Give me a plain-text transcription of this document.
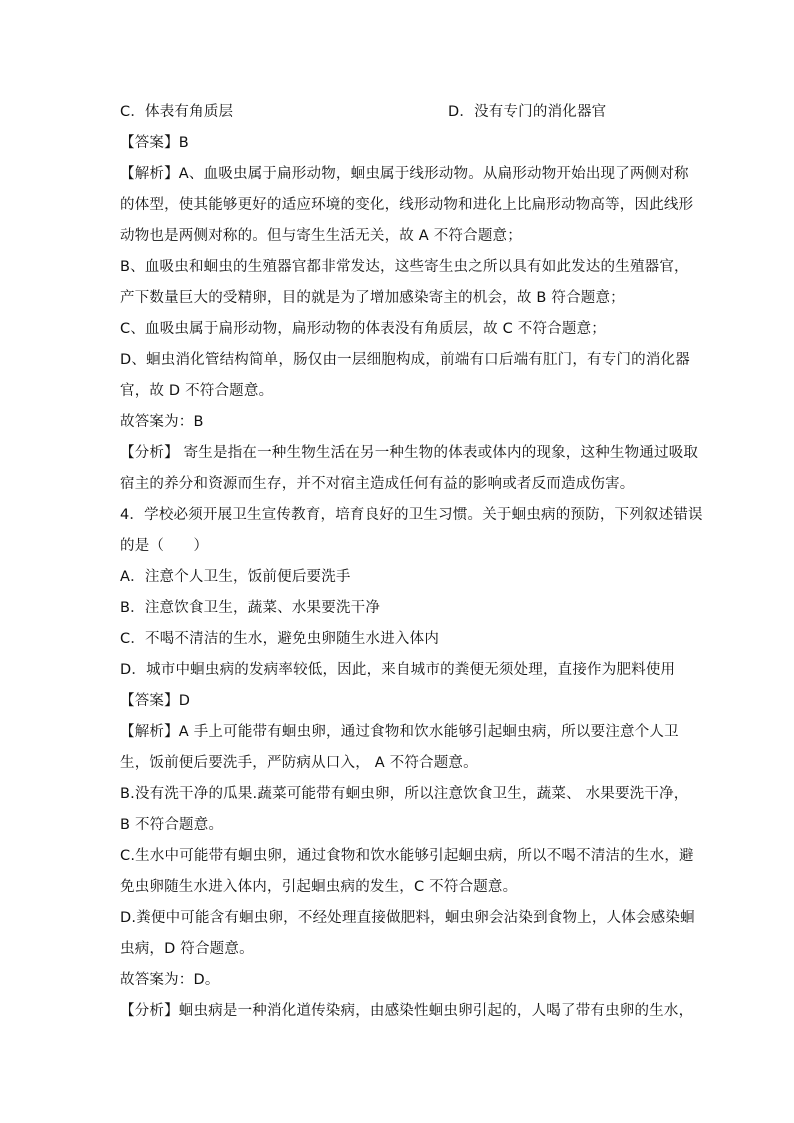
C．体表有角质层	D．没有专门的消化器官
【答案】B
【解析】A、血吸虫属于扁形动物，蛔虫属于线形动物。从扁形动物开始出现了两侧对称
的体型，使其能够更好的适应环境的变化，线形动物和进化上比扁形动物高等，因此线形
动物也是两侧对称的。但与寄生生活无关，故 A 不符合题意；
B、血吸虫和蛔虫的生殖器官都非常发达，这些寄生虫之所以具有如此发达的生殖器官，
产下数量巨大的受精卵，目的就是为了增加感染寄主的机会，故 B 符合题意；
C、血吸虫属于扁形动物，扁形动物的体表没有角质层，故 C 不符合题意；
D、蛔虫消化管结构简单，肠仅由一层细胞构成，前端有口后端有肛门，有专门的消化器
官，故 D 不符合题意。
故答案为：B
【分析】 寄生是指在一种生物生活在另一种生物的体表或体内的现象，这种生物通过吸取
宿主的养分和资源而生存，并不对宿主造成任何有益的影响或者反而造成伤害。
4．学校必须开展卫生宣传教育，培育良好的卫生习惯。关于蛔虫病的预防，下列叙述错误
的是（　　）
A．注意个人卫生，饭前便后要洗手
B．注意饮食卫生，蔬菜、水果要洗干净
C．不喝不清洁的生水，避免虫卵随生水进入体内
D．城市中蛔虫病的发病率较低，因此，来自城市的粪便无须处理，直接作为肥料使用
【答案】D
【解析】A 手上可能带有蛔虫卵，通过食物和饮水能够引起蛔虫病，所以要注意个人卫
生，饭前便后要洗手，严防病从口入， A 不符合题意。
B.没有洗干净的瓜果.蔬菜可能带有蛔虫卵，所以注意饮食卫生，蔬菜、 水果要洗干净，
B 不符合题意。
C.生水中可能带有蛔虫卵，通过食物和饮水能够引起蛔虫病，所以不喝不清洁的生水，避
免虫卵随生水进入体内，引起蛔虫病的发生，C 不符合题意。
D.粪便中可能含有蛔虫卵，不经处理直接做肥料，蛔虫卵会沾染到食物上，人体会感染蛔
虫病，D 符合题意。
故答案为：D。
【分析】蛔虫病是一种消化道传染病，由感染性蛔虫卵引起的，人喝了带有虫卵的生水，
